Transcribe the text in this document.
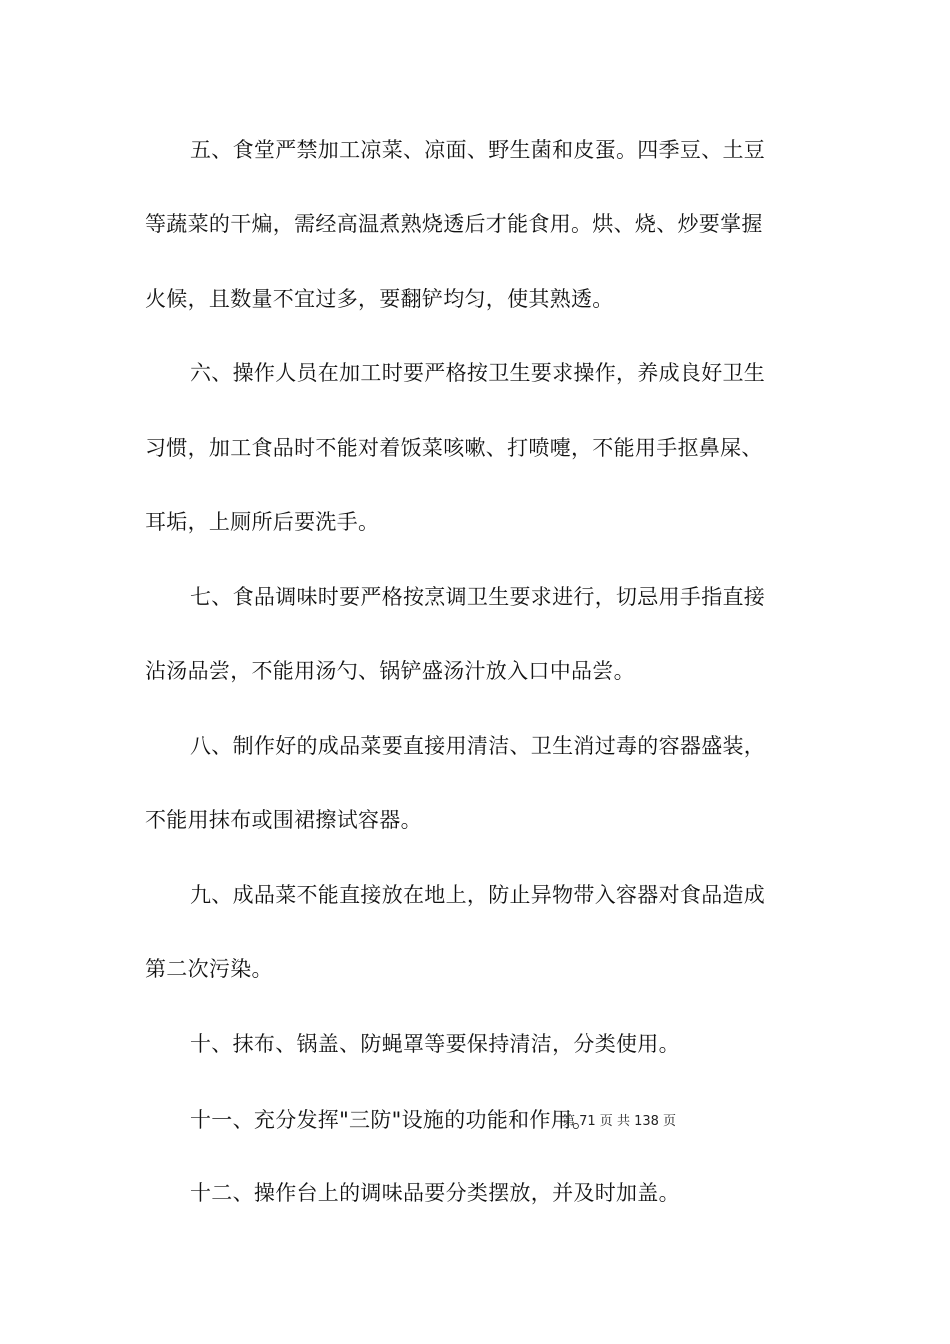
五、食堂严禁加工凉菜、凉面、野生菌和皮蛋。四季豆、土豆
等蔬菜的干煸，需经高温煮熟烧透后才能食用。烘、烧、炒要掌握
火候，且数量不宜过多，要翻铲均匀，使其熟透。
六、操作人员在加工时要严格按卫生要求操作，养成良好卫生
习惯，加工食品时不能对着饭菜咳嗽、打喷嚏，不能用手抠鼻屎、
耳垢，上厕所后要洗手。
七、食品调味时要严格按烹调卫生要求进行，切忌用手指直接
沾汤品尝，不能用汤勺、锅铲盛汤汁放入口中品尝。
八、制作好的成品菜要直接用清洁、卫生消过毒的容器盛装，
不能用抹布或围裙擦试容器。
九、成品菜不能直接放在地上，防止异物带入容器对食品造成
第二次污染。
十、抹布、锅盖、防蝇罩等要保持清洁，分类使用。
十一、充分发挥"三防"设施的功能和作用。
十二、操作台上的调味品要分类摆放，并及时加盖。
第 71 页 共 138 页
